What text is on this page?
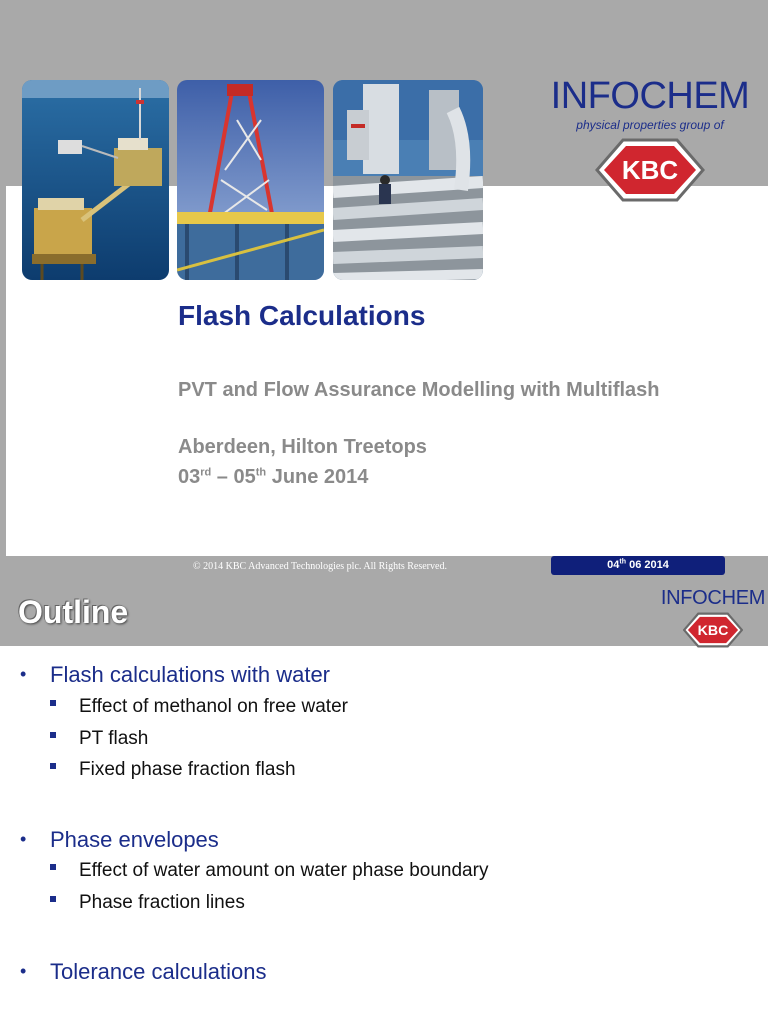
INFOCHEM
physical properties group of
KBC
Flash Calculations
PVT and Flow Assurance Modelling with Multiflash
Aberdeen, Hilton Treetops
03rd – 05th June 2014
© 2014 KBC Advanced Technologies plc. All Rights Reserved.	04th 06 2014
Outline	INFOCHEM
KBC
• Flash calculations with water
Effect of methanol on free water
PT flash
Fixed phase fraction flash
• Phase envelopes
Effect of water amount on water phase boundary
Phase fraction lines
• Tolerance calculations
